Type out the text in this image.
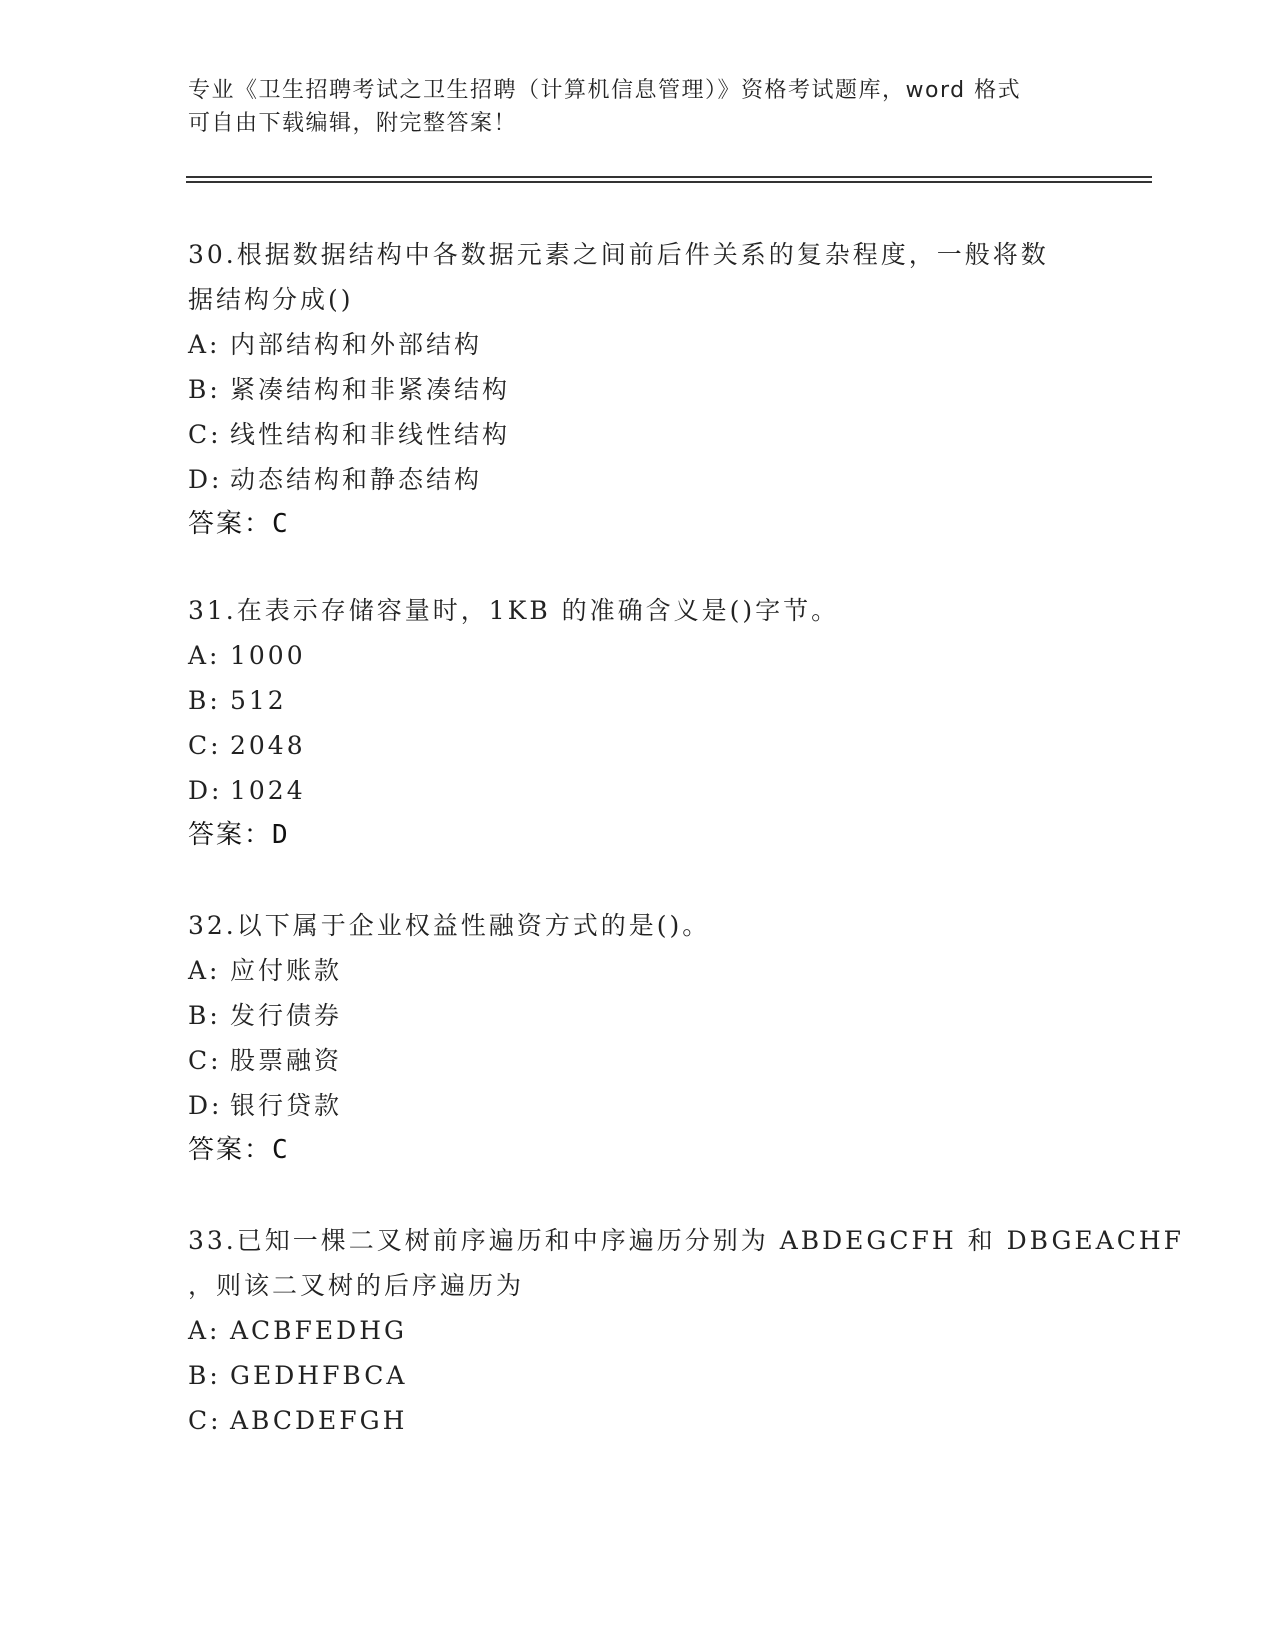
专业《卫生招聘考试之卫生招聘（计算机信息管理）》资格考试题库，word 格式
可自由下载编辑，附完整答案！
30.根据数据结构中各数据元素之间前后件关系的复杂程度，一般将数
据结构分成()
A: 内部结构和外部结构
B: 紧凑结构和非紧凑结构
C: 线性结构和非线性结构
D: 动态结构和静态结构
答案：C
31.在表示存储容量时，1KB 的准确含义是()字节。
A: 1000
B: 512
C: 2048
D: 1024
答案：D
32.以下属于企业权益性融资方式的是()。
A: 应付账款
B: 发行债券
C: 股票融资
D: 银行贷款
答案：C
33.已知一棵二叉树前序遍历和中序遍历分别为 ABDEGCFH 和 DBGEACHF
，则该二叉树的后序遍历为
A: ACBFEDHG
B: GEDHFBCA
C: ABCDEFGH
